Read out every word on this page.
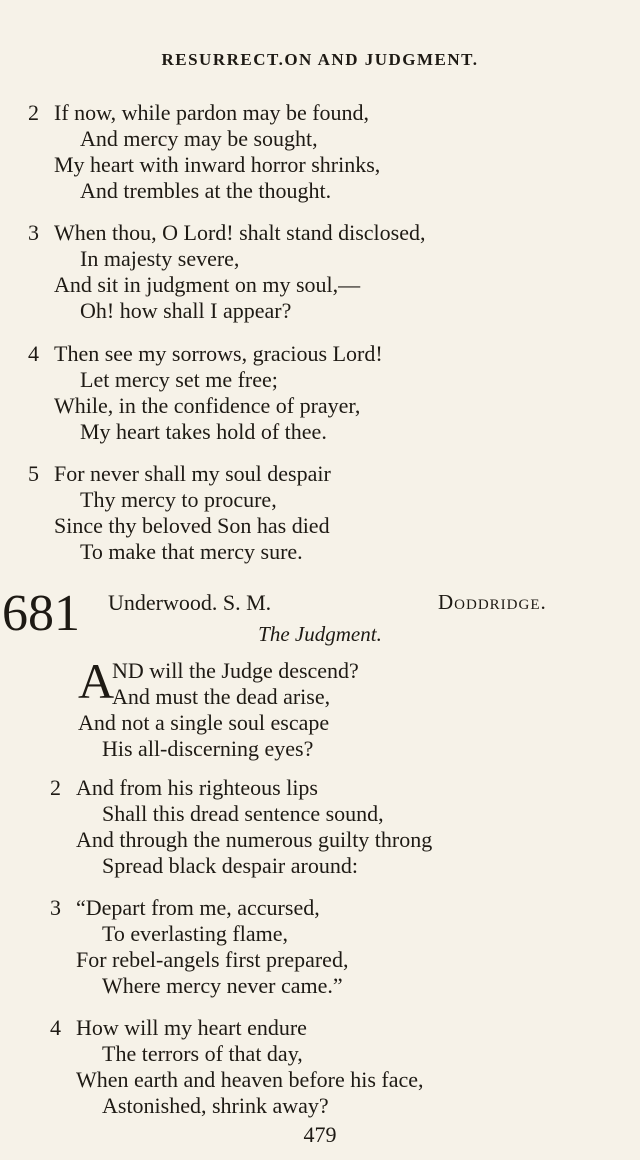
RESURRECT.ON AND JUDGMENT.
2 If now, while pardon may be found,
And mercy may be sought,
My heart with inward horror shrinks,
And trembles at the thought.
3 When thou, O Lord! shalt stand disclosed,
In majesty severe,
And sit in judgment on my soul,—
Oh! how shall I appear?
4 Then see my sorrows, gracious Lord!
Let mercy set me free;
While, in the confidence of prayer,
My heart takes hold of thee.
5 For never shall my soul despair
Thy mercy to procure,
Since thy beloved Son has died
To make that mercy sure.
681 Underwood. S. M.	Doddridge.
The Judgment.
A
ND will the Judge descend?
And must the dead arise,
And not a single soul escape
His all-discerning eyes?
2 And from his righteous lips
Shall this dread sentence sound,
And through the numerous guilty throng
Spread black despair around:
3 “Depart from me, accursed,
To everlasting flame,
For rebel-angels first prepared,
Where mercy never came.”
4 How will my heart endure
The terrors of that day,
When earth and heaven before his face,
Astonished, shrink away?
479
